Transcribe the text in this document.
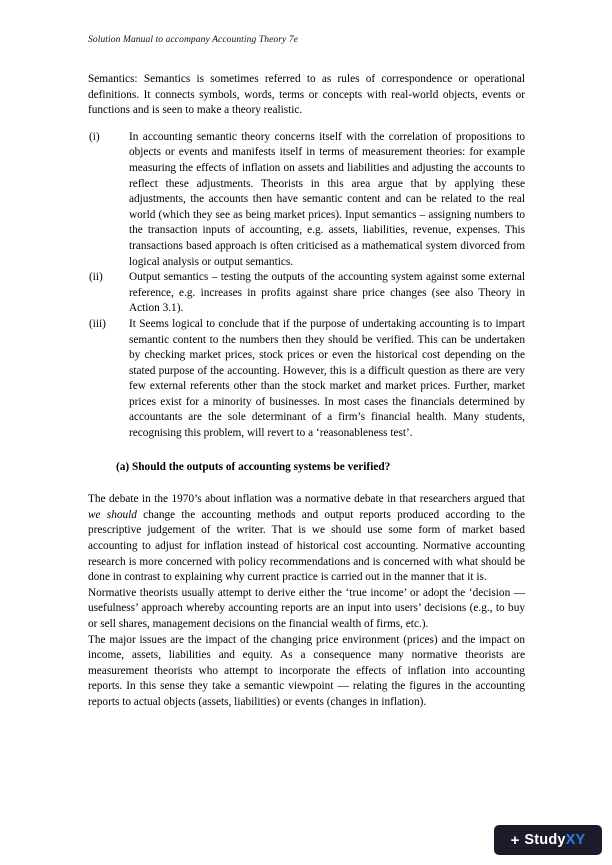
Solution Manual to accompany Accounting Theory 7e

Semantics: Semantics is sometimes referred to as rules of correspondence or operational definitions. It connects symbols, words, terms or concepts with real-world objects, events or functions and is seen to make a theory realistic.

(i)	In accounting semantic theory concerns itself with the correlation of propositions to objects or events and manifests itself in terms of measurement theories: for example measuring the effects of inflation on assets and liabilities and adjusting the accounts to reflect these adjustments. Theorists in this area argue that by applying these adjustments, the accounts then have semantic content and can be related to the real world (which they see as being market prices). Input semantics – assigning numbers to the transaction inputs of accounting, e.g. assets, liabilities, revenue, expenses. This transactions based approach is often criticised as a mathematical system divorced from logical analysis or output semantics.
(ii)	Output semantics – testing the outputs of the accounting system against some external reference, e.g. increases in profits against share price changes (see also Theory in Action 3.1).
(iii)	It Seems logical to conclude that if the purpose of undertaking accounting is to impart semantic content to the numbers then they should be verified. This can be undertaken by checking market prices, stock prices or even the historical cost depending on the stated purpose of the accounting. However, this is a difficult question as there are very few external referents other than the stock market and market prices. Further, market prices exist for a minority of businesses. In most cases the financials determined by accountants are the sole determinant of a firm’s financial health. Many students, recognising this problem, will revert to a ‘reasonableness test’.

(a) Should the outputs of accounting systems be verified?

The debate in the 1970’s about inflation was a normative debate in that researchers argued that we should change the accounting methods and output reports produced according to the prescriptive judgement of the writer. That is we should use some form of market based accounting to adjust for inflation instead of historical cost accounting. Normative accounting research is more concerned with policy recommendations and is concerned with what should be done in contrast to explaining why current practice is carried out in the manner that it is.

Normative theorists usually attempt to derive either the ‘true income’ or adopt the ‘decision — usefulness’ approach whereby accounting reports are an input into users’ decisions (e.g., to buy or sell shares, management decisions on the financial wealth of firms, etc.).

The major issues are the impact of the changing price environment (prices) and the impact on income, assets, liabilities and equity. As a consequence many normative theorists are measurement theorists who attempt to incorporate the effects of inflation into accounting reports. In this sense they take a semantic viewpoint — relating the figures in the accounting reports to actual objects (assets, liabilities) or events (changes in inflation).

+ StudyXY
